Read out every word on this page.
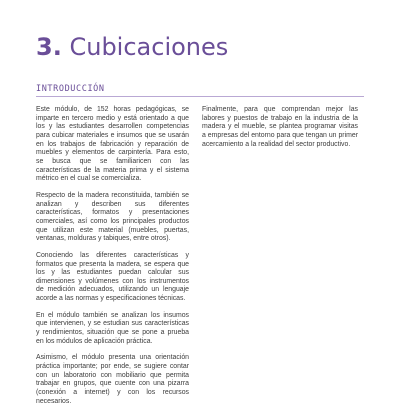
3. Cubicaciones
INTRODUCCIÓN

Este módulo, de 152 horas pedagógicas, se imparte en tercero medio y está orientado a que los y las estudiantes desarrollen competencias para cubicar materiales e insumos que se usarán en los trabajos de fabricación y reparación de muebles y elementos de carpintería. Para esto, se busca que se familiaricen con las características de la materia prima y el sistema métrico en el cual se comercializa.

Respecto de la madera reconstituida, también se analizan y describen sus diferentes características, formatos y presentaciones comerciales, así como los principales productos que utilizan este material (muebles, puertas, ventanas, molduras y tabiques, entre otros).

Conociendo las diferentes características y formatos que presenta la madera, se espera que los y las estudiantes puedan calcular sus dimensiones y volúmenes con los instrumentos de medición adecuados, utilizando un lenguaje acorde a las normas y especificaciones técnicas.

En el módulo también se analizan los insumos que intervienen, y se estudian sus características y rendimientos, situación que se pone a prueba en los módulos de aplicación práctica.

Asimismo, el módulo presenta una orientación práctica importante; por ende, se sugiere contar con un laboratorio con mobiliario que permita trabajar en grupos, que cuente con una pizarra (conexión a internet) y con los recursos necesarios.

Finalmente, para que comprendan mejor las labores y puestos de trabajo en la industria de la madera y el mueble, se plantea programar visitas a empresas del entorno para que tengan un primer acercamiento a la realidad del sector productivo.
